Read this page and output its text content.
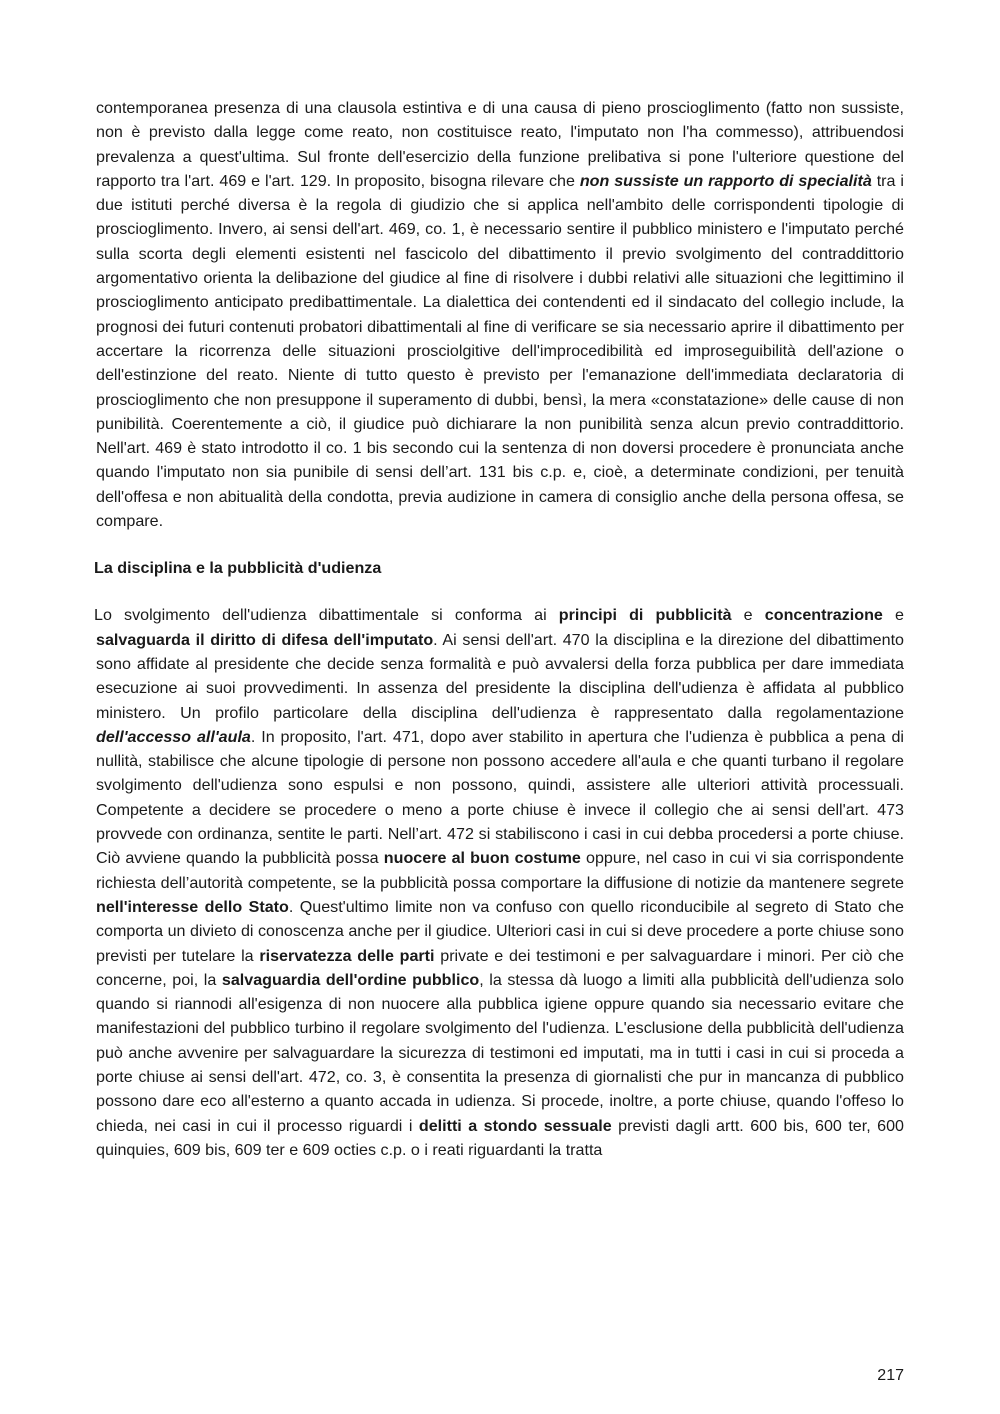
contemporanea presenza di una clausola estintiva e di una causa di pieno proscioglimento (fatto non sussiste, non è previsto dalla legge come reato, non costituisce reato, l'imputato non l'ha commesso), attribuendosi prevalenza a quest'ultima. Sul fronte dell'esercizio della funzione prelibativa si pone l'ulteriore questione del rapporto tra l'art. 469 e l'art. 129. In proposito, bisogna rilevare che non sussiste un rapporto di specialità tra i due istituti perché diversa è la regola di giudizio che si applica nell'ambito delle corrispondenti tipologie di proscioglimento. Invero, ai sensi dell'art. 469, co. 1, è necessario sentire il pubblico ministero e l'imputato perché sulla scorta degli elementi esistenti nel fascicolo del dibattimento il previo svolgimento del contraddittorio argomentativo orienta la delibazione del giudice al fine di risolvere i dubbi relativi alle situazioni che legittimino il proscioglimento anticipato predibattimentale. La dialettica dei contendenti ed il sindacato del collegio include, la prognosi dei futuri contenuti probatori dibattimentali al fine di verificare se sia necessario aprire il dibattimento per accertare la ricorrenza delle situazioni prosciolgitive dell'improcedibilità ed improseguibilità dell'azione o dell'estinzione del reato. Niente di tutto questo è previsto per l'emanazione dell'immediata declaratoria di proscioglimento che non presuppone il superamento di dubbi, bensì, la mera «constatazione» delle cause di non punibilità. Coerentemente a ciò, il giudice può dichiarare la non punibilità senza alcun previo contraddittorio. Nell'art. 469 è stato introdotto il co. 1 bis secondo cui la sentenza di non doversi procedere è pronunciata anche quando l'imputato non sia punibile di sensi dell’art. 131 bis c.p. e, cioè, a determinate condizioni, per tenuità dell'offesa e non abitualità della condotta, previa audizione in camera di consiglio anche della persona offesa, se compare.

La disciplina e la pubblicità d'udienza

Lo svolgimento dell'udienza dibattimentale si conforma ai principi di pubblicità e concentrazione e salvaguarda il diritto di difesa dell'imputato. Ai sensi dell'art. 470 la disciplina e la direzione del dibattimento sono affidate al presidente che decide senza formalità e può avvalersi della forza pubblica per dare immediata esecuzione ai suoi provvedimenti. In assenza del presidente la disciplina dell'udienza è affidata al pubblico ministero. Un profilo particolare della disciplina dell'udienza è rappresentato dalla regolamentazione dell'accesso all'aula. In proposito, l'art. 471, dopo aver stabilito in apertura che l'udienza è pubblica a pena di nullità, stabilisce che alcune tipologie di persone non possono accedere all'aula e che quanti turbano il regolare svolgimento dell'udienza sono espulsi e non possono, quindi, assistere alle ulteriori attività processuali. Competente a decidere se procedere o meno a porte chiuse è invece il collegio che ai sensi dell'art. 473 provvede con ordinanza, sentite le parti. Nell’art. 472 si stabiliscono i casi in cui debba procedersi a porte chiuse. Ciò avviene quando la pubblicità possa nuocere al buon costume oppure, nel caso in cui vi sia corrispondente richiesta dell’autorità competente, se la pubblicità possa comportare la diffusione di notizie da mantenere segrete nell'interesse dello Stato. Quest'ultimo limite non va confuso con quello riconducibile al segreto di Stato che comporta un divieto di conoscenza anche per il giudice. Ulteriori casi in cui si deve procedere a porte chiuse sono previsti per tutelare la riservatezza delle parti private e dei testimoni e per salvaguardare i minori. Per ciò che concerne, poi, la salvaguardia dell'ordine pubblico, la stessa dà luogo a limiti alla pubblicità dell'udienza solo quando si riannodi all'esigenza di non nuocere alla pubblica igiene oppure quando sia necessario evitare che manifestazioni del pubblico turbino il regolare svolgimento del l'udienza. L'esclusione della pubblicità dell'udienza può anche avvenire per salvaguardare la sicurezza di testimoni ed imputati, ma in tutti i casi in cui si proceda a porte chiuse ai sensi dell'art. 472, co. 3, è consentita la presenza di giornalisti che pur in mancanza di pubblico possono dare eco all'esterno a quanto accada in udienza. Si procede, inoltre, a porte chiuse, quando l'offeso lo chieda, nei casi in cui il processo riguardi i delitti a stondo sessuale previsti dagli artt. 600 bis, 600 ter, 600 quinquies, 609 bis, 609 ter e 609 octies c.p. o i reati riguardanti la tratta

217
